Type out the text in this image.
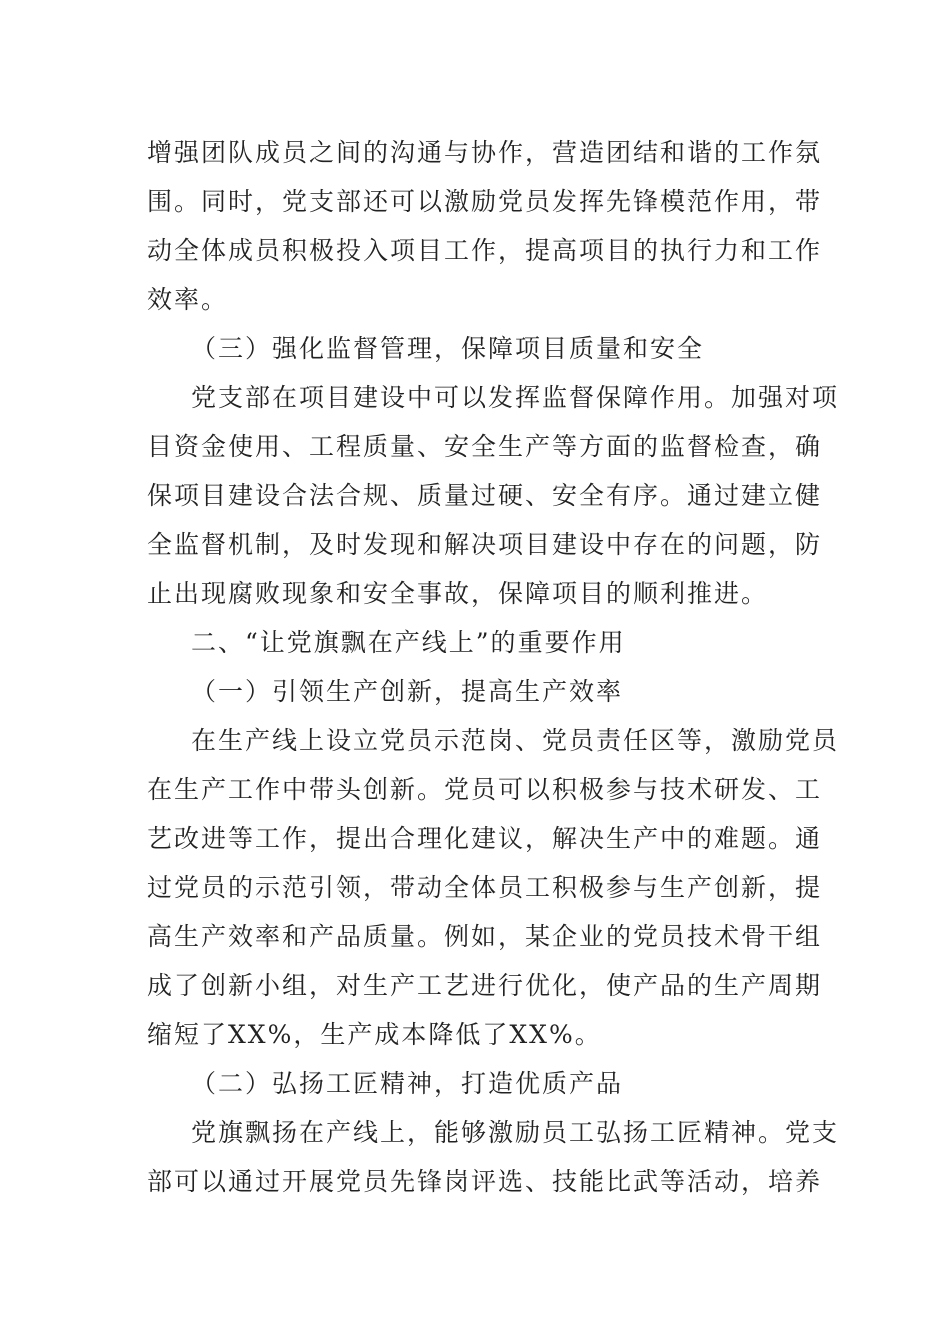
增强团队成员之间的沟通与协作，营造团结和谐的工作氛
围。同时，党支部还可以激励党员发挥先锋模范作用，带
动全体成员积极投入项目工作，提高项目的执行力和工作
效率。
（三）强化监督管理，保障项目质量和安全
党支部在项目建设中可以发挥监督保障作用。加强对项
目资金使用、工程质量、安全生产等方面的监督检查，确
保项目建设合法合规、质量过硬、安全有序。通过建立健
全监督机制，及时发现和解决项目建设中存在的问题，防
止出现腐败现象和安全事故，保障项目的顺利推进。
二、“让党旗飘在产线上”的重要作用
（一）引领生产创新，提高生产效率
在生产线上设立党员示范岗、党员责任区等，激励党员
在生产工作中带头创新。党员可以积极参与技术研发、工
艺改进等工作，提出合理化建议，解决生产中的难题。通
过党员的示范引领，带动全体员工积极参与生产创新，提
高生产效率和产品质量。例如，某企业的党员技术骨干组
成了创新小组，对生产工艺进行优化，使产品的生产周期
缩短了XX%，生产成本降低了XX%。
（二）弘扬工匠精神，打造优质产品
党旗飘扬在产线上，能够激励员工弘扬工匠精神。党支
部可以通过开展党员先锋岗评选、技能比武等活动，培养
